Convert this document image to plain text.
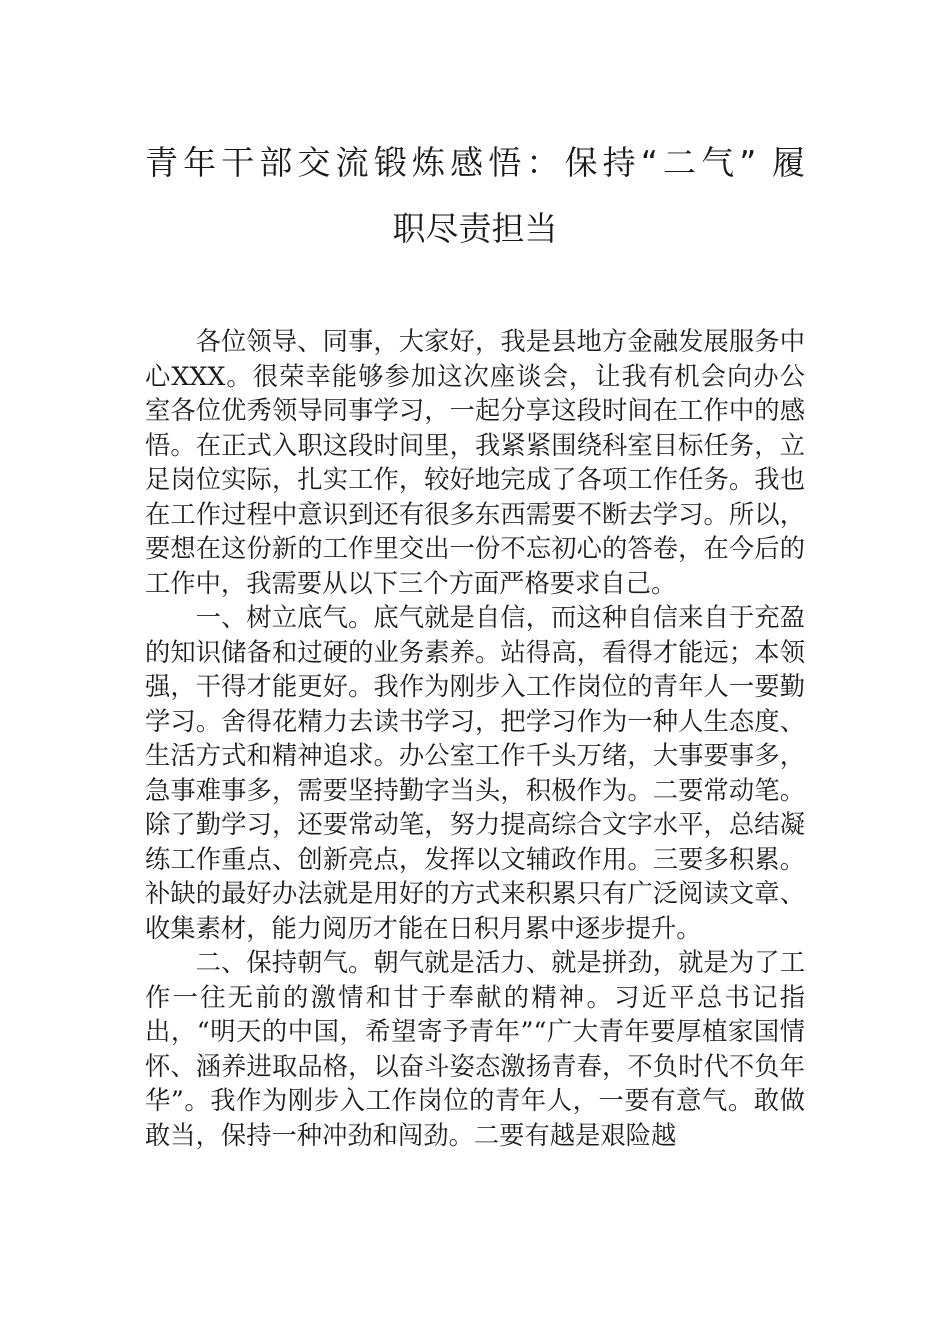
青年干部交流锻炼感悟：保持“二气” 履
职尽责担当

各位领导、同事，大家好，我是县地方金融发展服务中心XXX。很荣幸能够参加这次座谈会，让我有机会向办公室各位优秀领导同事学习，一起分享这段时间在工作中的感悟。在正式入职这段时间里，我紧紧围绕科室目标任务，立足岗位实际，扎实工作，较好地完成了各项工作任务。我也在工作过程中意识到还有很多东西需要不断去学习。所以，要想在这份新的工作里交出一份不忘初心的答卷，在今后的工作中，我需要从以下三个方面严格要求自己。

一、树立底气。底气就是自信，而这种自信来自于充盈的知识储备和过硬的业务素养。站得高，看得才能远；本领强，干得才能更好。我作为刚步入工作岗位的青年人一要勤学习。舍得花精力去读书学习，把学习作为一种人生态度、生活方式和精神追求。办公室工作千头万绪，大事要事多，急事难事多，需要坚持勤字当头，积极作为。二要常动笔。除了勤学习，还要常动笔，努力提高综合文字水平，总结凝练工作重点、创新亮点，发挥以文辅政作用。三要多积累。补缺的最好办法就是用好的方式来积累只有广泛阅读文章、收集素材，能力阅历才能在日积月累中逐步提升。

二、保持朝气。朝气就是活力、就是拼劲，就是为了工作一往无前的激情和甘于奉献的精神。习近平总书记指出，“明天的中国，希望寄予青年”“广大青年要厚植家国情怀、涵养进取品格，以奋斗姿态激扬青春，不负时代不负年华”。我作为刚步入工作岗位的青年人，一要有意气。敢做敢当，保持一种冲劲和闯劲。二要有越是艰险越
